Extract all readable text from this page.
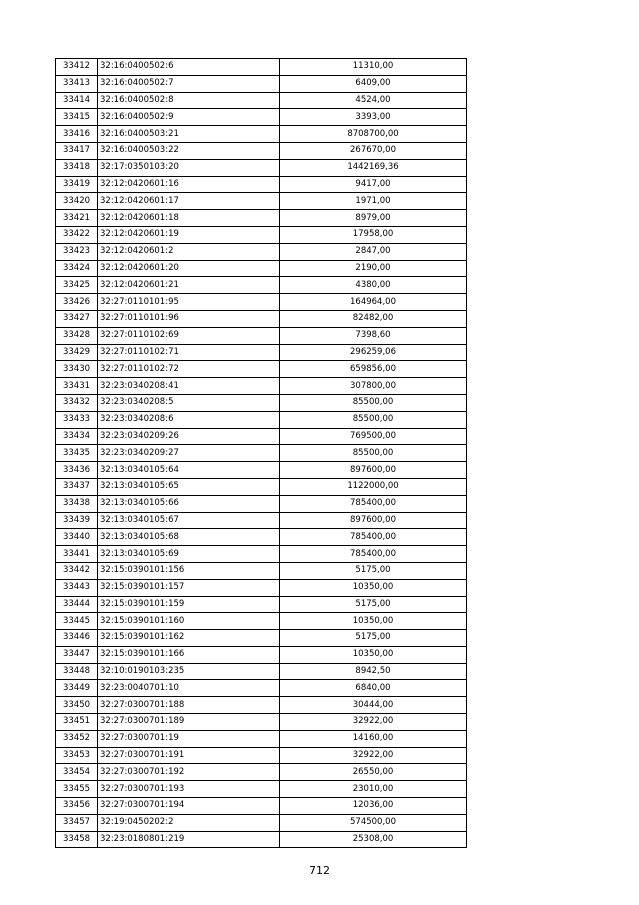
33412	32:16:0400502:6	11310,00
33413	32:16:0400502:7	6409,00
33414	32:16:0400502:8	4524,00
33415	32:16:0400502:9	3393,00
33416	32:16:0400503:21	8708700,00
33417	32:16:0400503:22	267670,00
33418	32:17:0350103:20	1442169,36
33419	32:12:0420601:16	9417,00
33420	32:12:0420601:17	1971,00
33421	32:12:0420601:18	8979,00
33422	32:12:0420601:19	17958,00
33423	32:12:0420601:2	2847,00
33424	32:12:0420601:20	2190,00
33425	32:12:0420601:21	4380,00
33426	32:27:0110101:95	164964,00
33427	32:27:0110101:96	82482,00
33428	32:27:0110102:69	7398,60
33429	32:27:0110102:71	296259,06
33430	32:27:0110102:72	659856,00
33431	32:23:0340208:41	307800,00
33432	32:23:0340208:5	85500,00
33433	32:23:0340208:6	85500,00
33434	32:23:0340209:26	769500,00
33435	32:23:0340209:27	85500,00
33436	32:13:0340105:64	897600,00
33437	32:13:0340105:65	1122000,00
33438	32:13:0340105:66	785400,00
33439	32:13:0340105:67	897600,00
33440	32:13:0340105:68	785400,00
33441	32:13:0340105:69	785400,00
33442	32:15:0390101:156	5175,00
33443	32:15:0390101:157	10350,00
33444	32:15:0390101:159	5175,00
33445	32:15:0390101:160	10350,00
33446	32:15:0390101:162	5175,00
33447	32:15:0390101:166	10350,00
33448	32:10:0190103:235	8942,50
33449	32:23:0040701:10	6840,00
33450	32:27:0300701:188	30444,00
33451	32:27:0300701:189	32922,00
33452	32:27:0300701:19	14160,00
33453	32:27:0300701:191	32922,00
33454	32:27:0300701:192	26550,00
33455	32:27:0300701:193	23010,00
33456	32:27:0300701:194	12036,00
33457	32:19:0450202:2	574500,00
33458	32:23:0180801:219	25308,00
712
